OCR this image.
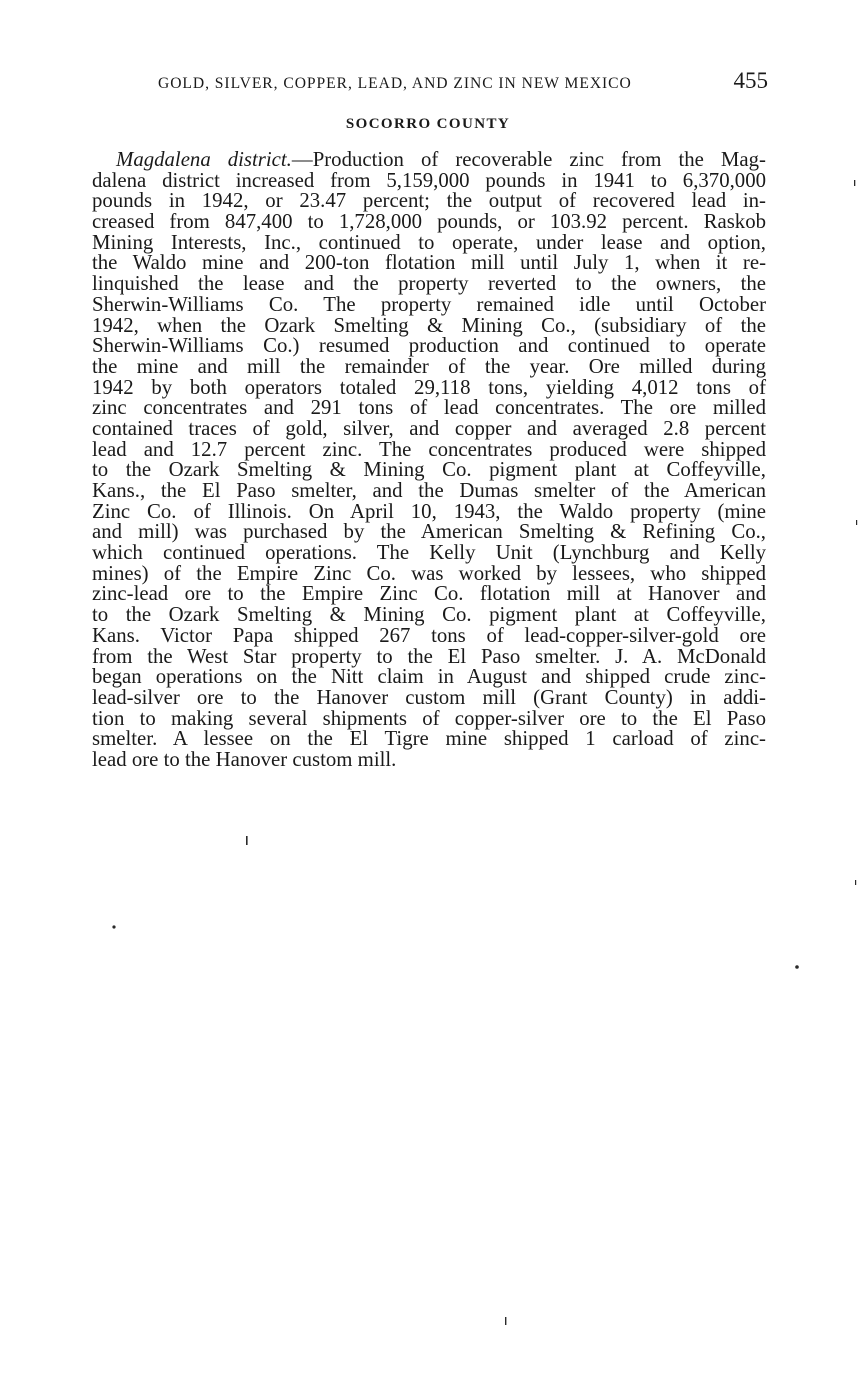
GOLD, SILVER, COPPER, LEAD, AND ZINC IN NEW MEXICO	455
SOCORRO COUNTY
Magdalena district.—Production of recoverable zinc from the Mag-
dalena district increased from 5,159,000 pounds in 1941 to 6,370,000
pounds in 1942, or 23.47 percent; the output of recovered lead in-
creased from 847,400 to 1,728,000 pounds, or 103.92 percent. Raskob
Mining Interests, Inc., continued to operate, under lease and option,
the Waldo mine and 200-ton flotation mill until July 1, when it re-
linquished the lease and the property reverted to the owners, the
Sherwin-Williams Co. The property remained idle until October
1942, when the Ozark Smelting & Mining Co., (subsidiary of the
Sherwin-Williams Co.) resumed production and continued to operate
the mine and mill the remainder of the year. Ore milled during
1942 by both operators totaled 29,118 tons, yielding 4,012 tons of
zinc concentrates and 291 tons of lead concentrates. The ore milled
contained traces of gold, silver, and copper and averaged 2.8 percent
lead and 12.7 percent zinc. The concentrates produced were shipped
to the Ozark Smelting & Mining Co. pigment plant at Coffeyville,
Kans., the El Paso smelter, and the Dumas smelter of the American
Zinc Co. of Illinois. On April 10, 1943, the Waldo property (mine
and mill) was purchased by the American Smelting & Refining Co.,
which continued operations. The Kelly Unit (Lynchburg and Kelly
mines) of the Empire Zinc Co. was worked by lessees, who shipped
zinc-lead ore to the Empire Zinc Co. flotation mill at Hanover and
to the Ozark Smelting & Mining Co. pigment plant at Coffeyville,
Kans. Victor Papa shipped 267 tons of lead-copper-silver-gold ore
from the West Star property to the El Paso smelter. J. A. McDonald
began operations on the Nitt claim in August and shipped crude zinc-
lead-silver ore to the Hanover custom mill (Grant County) in addi-
tion to making several shipments of copper-silver ore to the El Paso
smelter. A lessee on the El Tigre mine shipped 1 carload of zinc-
lead ore to the Hanover custom mill.
